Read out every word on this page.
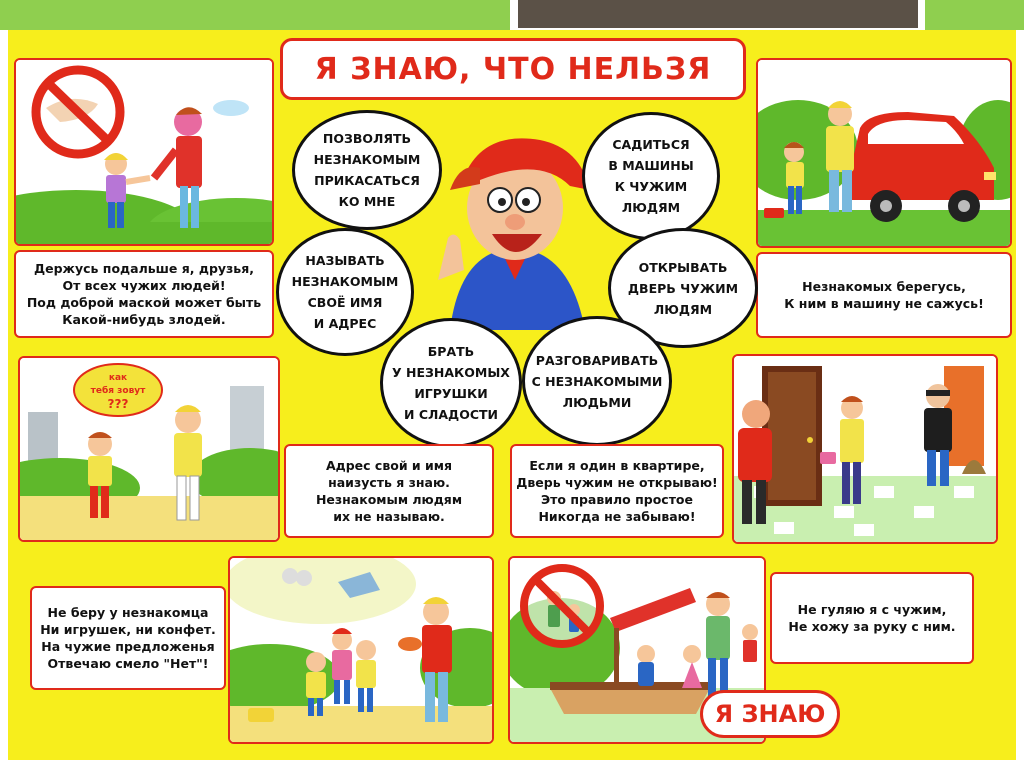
Я ЗНАЮ, ЧТО НЕЛЬЗЯ
Держусь подальше я, друзья,
От всех чужих людей!
Под доброй маской может быть
Какой-нибудь злодей.
Незнакомых берегусь,
К ним в машину не сажусь!
ПОЗВОЛЯТЬ
НЕЗНАКОМЫМ
ПРИКАСАТЬСЯ
КО МНЕ
САДИТЬСЯ
В МАШИНЫ
К ЧУЖИМ
ЛЮДЯМ
НАЗЫВАТЬ
НЕЗНАКОМЫМ
СВОЁ ИМЯ
И АДРЕС
ОТКРЫВАТЬ
ДВЕРЬ ЧУЖИМ
ЛЮДЯМ
БРАТЬ
У НЕЗНАКОМЫХ
ИГРУШКИ
И СЛАДОСТИ
РАЗГОВАРИВАТЬ
С НЕЗНАКОМЫМИ
ЛЮДЬМИ
как
тебя зовут
???
Адрес свой и имя
наизусть я знаю.
Незнакомым людям
их не называю.
Если я один в квартире,
Дверь чужим не открываю!
Это правило простое
Никогда не забываю!
Не беру у незнакомца
Ни игрушек, ни конфет.
На чужие предложенья
Отвечаю смело "Нет"!
Не гуляю я с чужим,
Не хожу за руку с ним.
Я ЗНАЮ
